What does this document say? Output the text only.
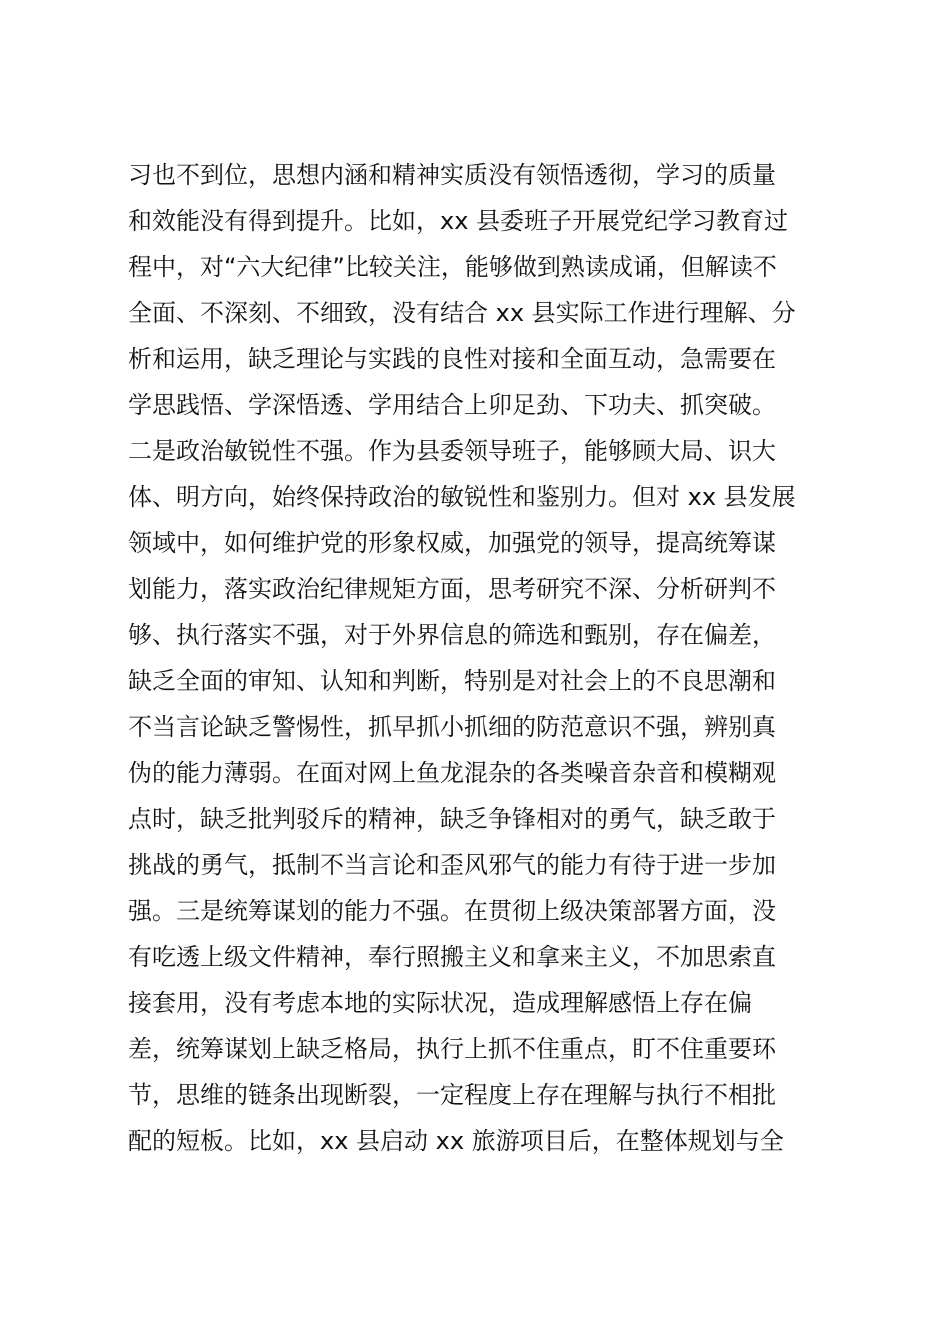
习也不到位，思想内涵和精神实质没有领悟透彻，学习的质量
和效能没有得到提升。比如，xx 县委班子开展党纪学习教育过
程中，对“六大纪律”比较关注，能够做到熟读成诵，但解读不
全面、不深刻、不细致，没有结合 xx 县实际工作进行理解、分
析和运用，缺乏理论与实践的良性对接和全面互动，急需要在
学思践悟、学深悟透、学用结合上卯足劲、下功夫、抓突破。
二是政治敏锐性不强。作为县委领导班子，能够顾大局、识大
体、明方向，始终保持政治的敏锐性和鉴别力。但对 xx 县发展
领域中，如何维护党的形象权威，加强党的领导，提高统筹谋
划能力，落实政治纪律规矩方面，思考研究不深、分析研判不
够、执行落实不强，对于外界信息的筛选和甄别，存在偏差，
缺乏全面的审知、认知和判断，特别是对社会上的不良思潮和
不当言论缺乏警惕性，抓早抓小抓细的防范意识不强，辨别真
伪的能力薄弱。在面对网上鱼龙混杂的各类噪音杂音和模糊观
点时，缺乏批判驳斥的精神，缺乏争锋相对的勇气，缺乏敢于
挑战的勇气，抵制不当言论和歪风邪气的能力有待于进一步加
强。三是统筹谋划的能力不强。在贯彻上级决策部署方面，没
有吃透上级文件精神，奉行照搬主义和拿来主义，不加思索直
接套用，没有考虑本地的实际状况，造成理解感悟上存在偏
差，统筹谋划上缺乏格局，执行上抓不住重点，盯不住重要环
节，思维的链条出现断裂，一定程度上存在理解与执行不相批
配的短板。比如，xx 县启动 xx 旅游项目后，在整体规划与全
